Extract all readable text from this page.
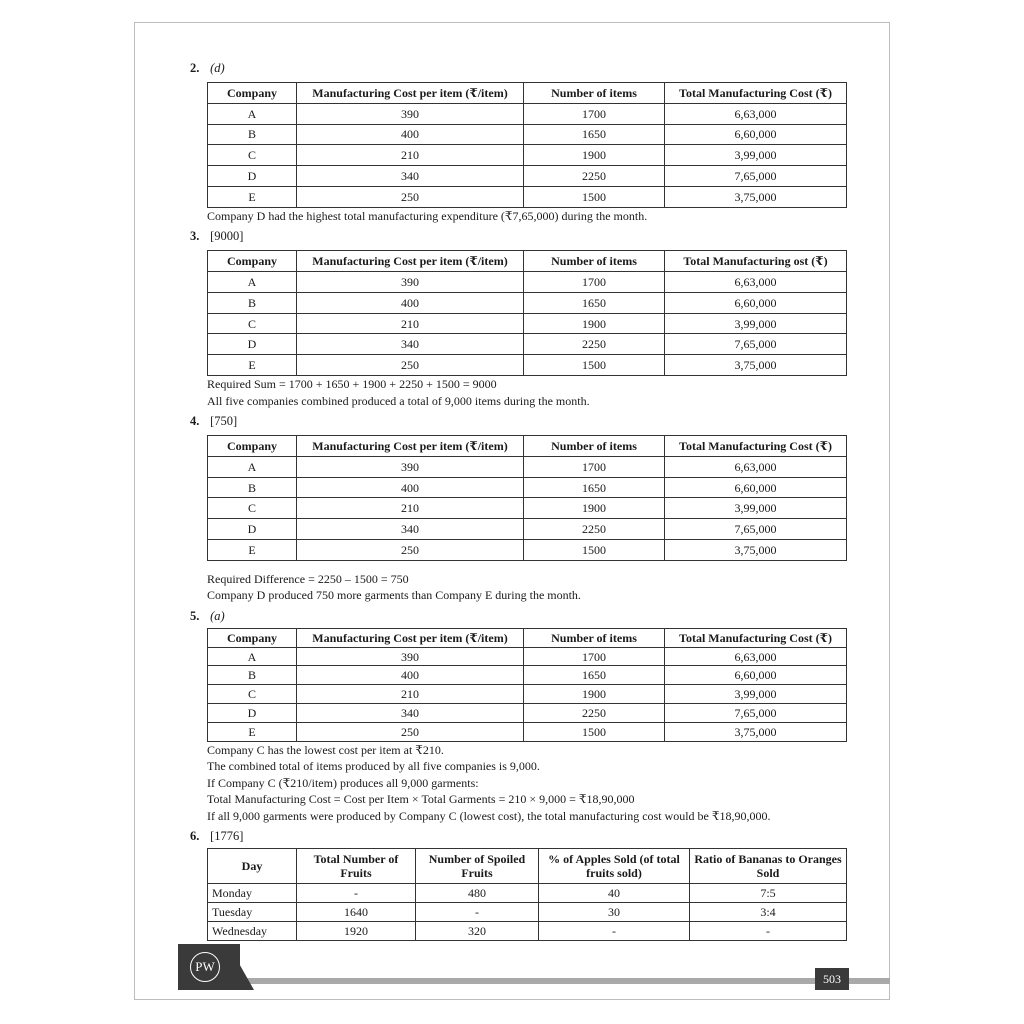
2. (d)
Company	Manufacturing Cost per item (₹/item)	Number of items	Total Manufacturing Cost (₹)
A	390	1700	6,63,000
B	400	1650	6,60,000
C	210	1900	3,99,000
D	340	2250	7,65,000
E	250	1500	3,75,000
Company D had the highest total manufacturing expenditure (₹7,65,000) during the month.
3. [9000]
Company	Manufacturing Cost per item (₹/item)	Number of items	Total Manufacturing ost (₹)
A	390	1700	6,63,000
B	400	1650	6,60,000
C	210	1900	3,99,000
D	340	2250	7,65,000
E	250	1500	3,75,000
Required Sum = 1700 + 1650 + 1900 + 2250 + 1500 = 9000
All five companies combined produced a total of 9,000 items during the month.
4. [750]
Company	Manufacturing Cost per item (₹/item)	Number of items	Total Manufacturing Cost (₹)
A	390	1700	6,63,000
B	400	1650	6,60,000
C	210	1900	3,99,000
D	340	2250	7,65,000
E	250	1500	3,75,000
Required Difference = 2250 – 1500 = 750
Company D produced 750 more garments than Company E during the month.
5. (a)
Company	Manufacturing Cost per item (₹/item)	Number of items	Total Manufacturing Cost (₹)
A	390	1700	6,63,000
B	400	1650	6,60,000
C	210	1900	3,99,000
D	340	2250	7,65,000
E	250	1500	3,75,000
Company C has the lowest cost per item at ₹210.
The combined total of items produced by all five companies is 9,000.
If Company C (₹210/item) produces all 9,000 garments:
Total Manufacturing Cost = Cost per Item × Total Garments = 210 × 9,000 = ₹18,90,000
If all 9,000 garments were produced by Company C (lowest cost), the total manufacturing cost would be ₹18,90,000.
6. [1776]
Day	Total Number of Fruits	Number of Spoiled Fruits	% of Apples Sold (of total fruits sold)	Ratio of Bananas to Oranges Sold
Monday	-	480	40	7:5
Tuesday	1640	-	30	3:4
Wednesday	1920	320	-	-
PW
503
